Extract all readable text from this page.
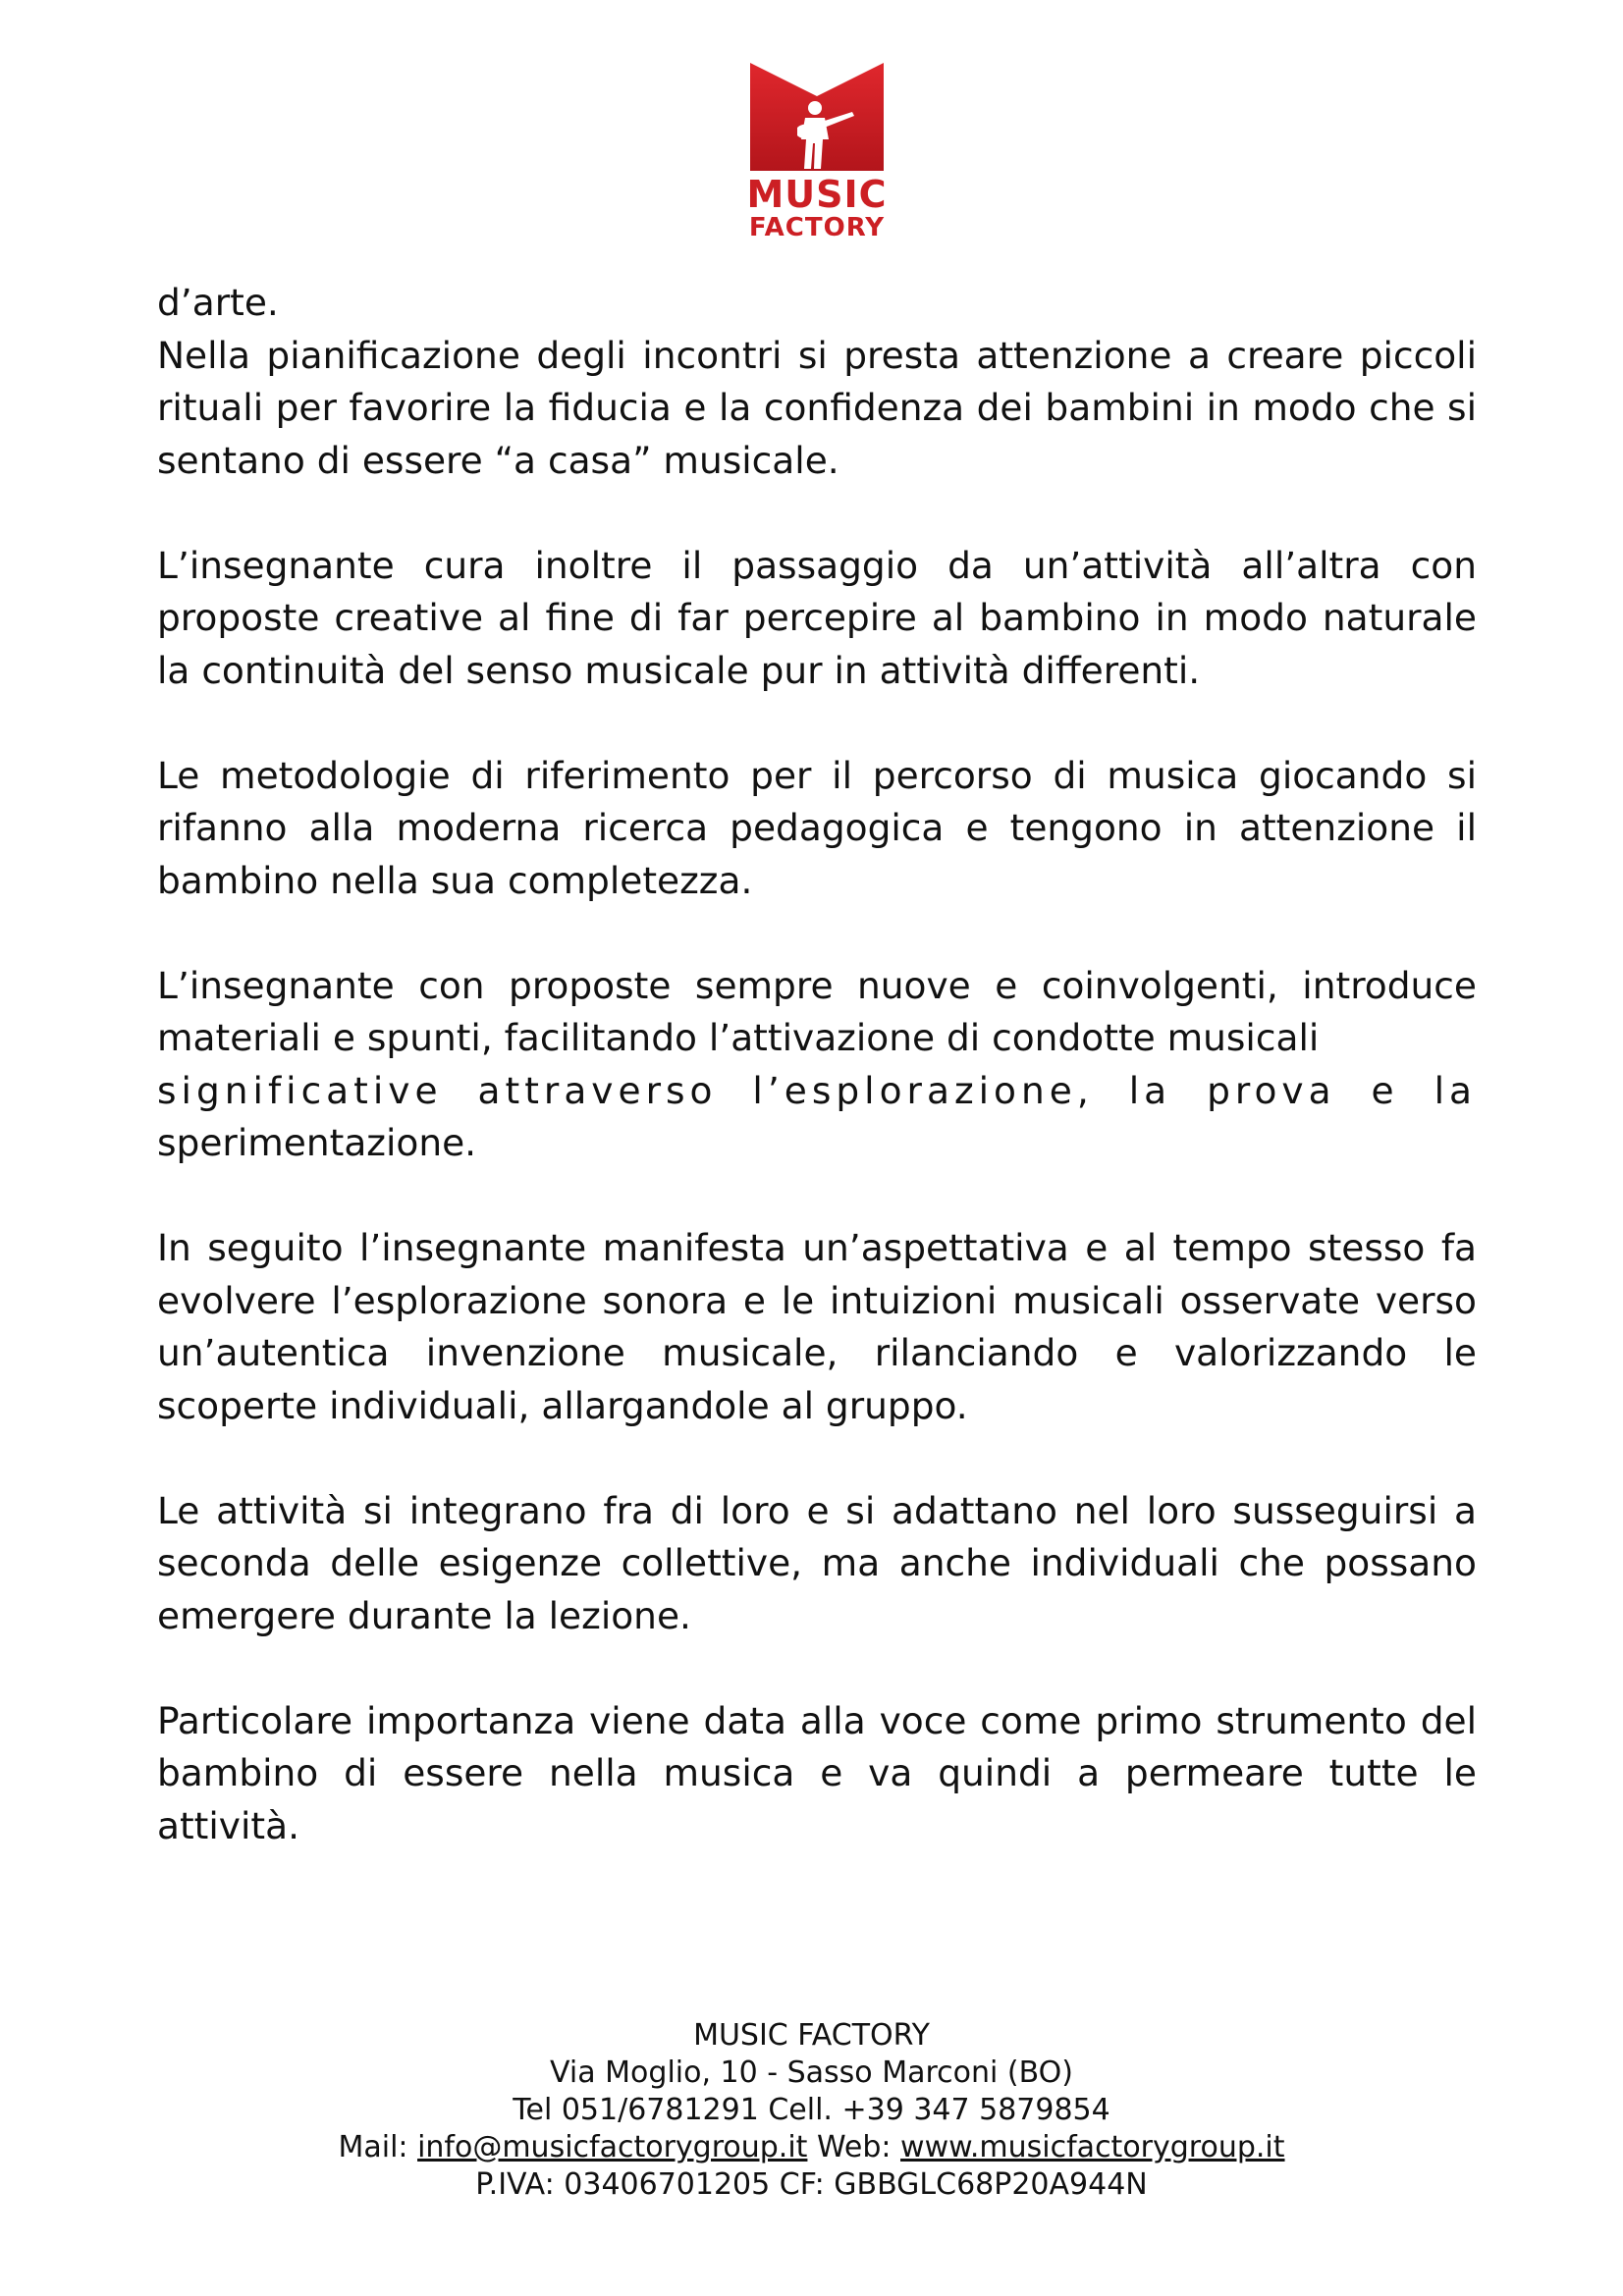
MUSIC
FACTORY

d’arte.

Nella pianificazione degli incontri si presta attenzione a creare piccoli rituali per favorire la fiducia e la confidenza dei bambini in modo che si sentano di essere “a casa” musicale.

L’insegnante cura inoltre il passaggio da un’attività all’altra con proposte creative al fine di far percepire al bambino in modo naturale la continuità del senso musicale pur in attività differenti.

Le metodologie di riferimento per il percorso di musica giocando si rifanno alla moderna ricerca pedagogica e tengono in attenzione il bambino nella sua completezza.

L’insegnante con proposte sempre nuove e coinvolgenti, introduce materiali e spunti, facilitando l’attivazione di condotte musicali

significative attraverso l’esplorazione, la prova e la

sperimentazione.

In seguito l’insegnante manifesta un’aspettativa e al tempo stesso fa evolvere l’esplorazione sonora e le intuizioni musicali osservate verso un’autentica invenzione musicale, rilanciando e valorizzando le scoperte individuali, allargandole al gruppo.

Le attività si integrano fra di loro e si adattano nel loro susseguirsi a seconda delle esigenze collettive, ma anche individuali che possano emergere durante la lezione.

Particolare importanza viene data alla voce come primo strumento del bambino di essere nella musica e va quindi a permeare tutte le attività.

MUSIC FACTORY
Via Moglio, 10 - Sasso Marconi (BO)
Tel 051/6781291 Cell. +39 347 5879854
Mail: info@musicfactorygroup.it Web: www.musicfactorygroup.it
P.IVA: 03406701205 CF: GBBGLC68P20A944N
